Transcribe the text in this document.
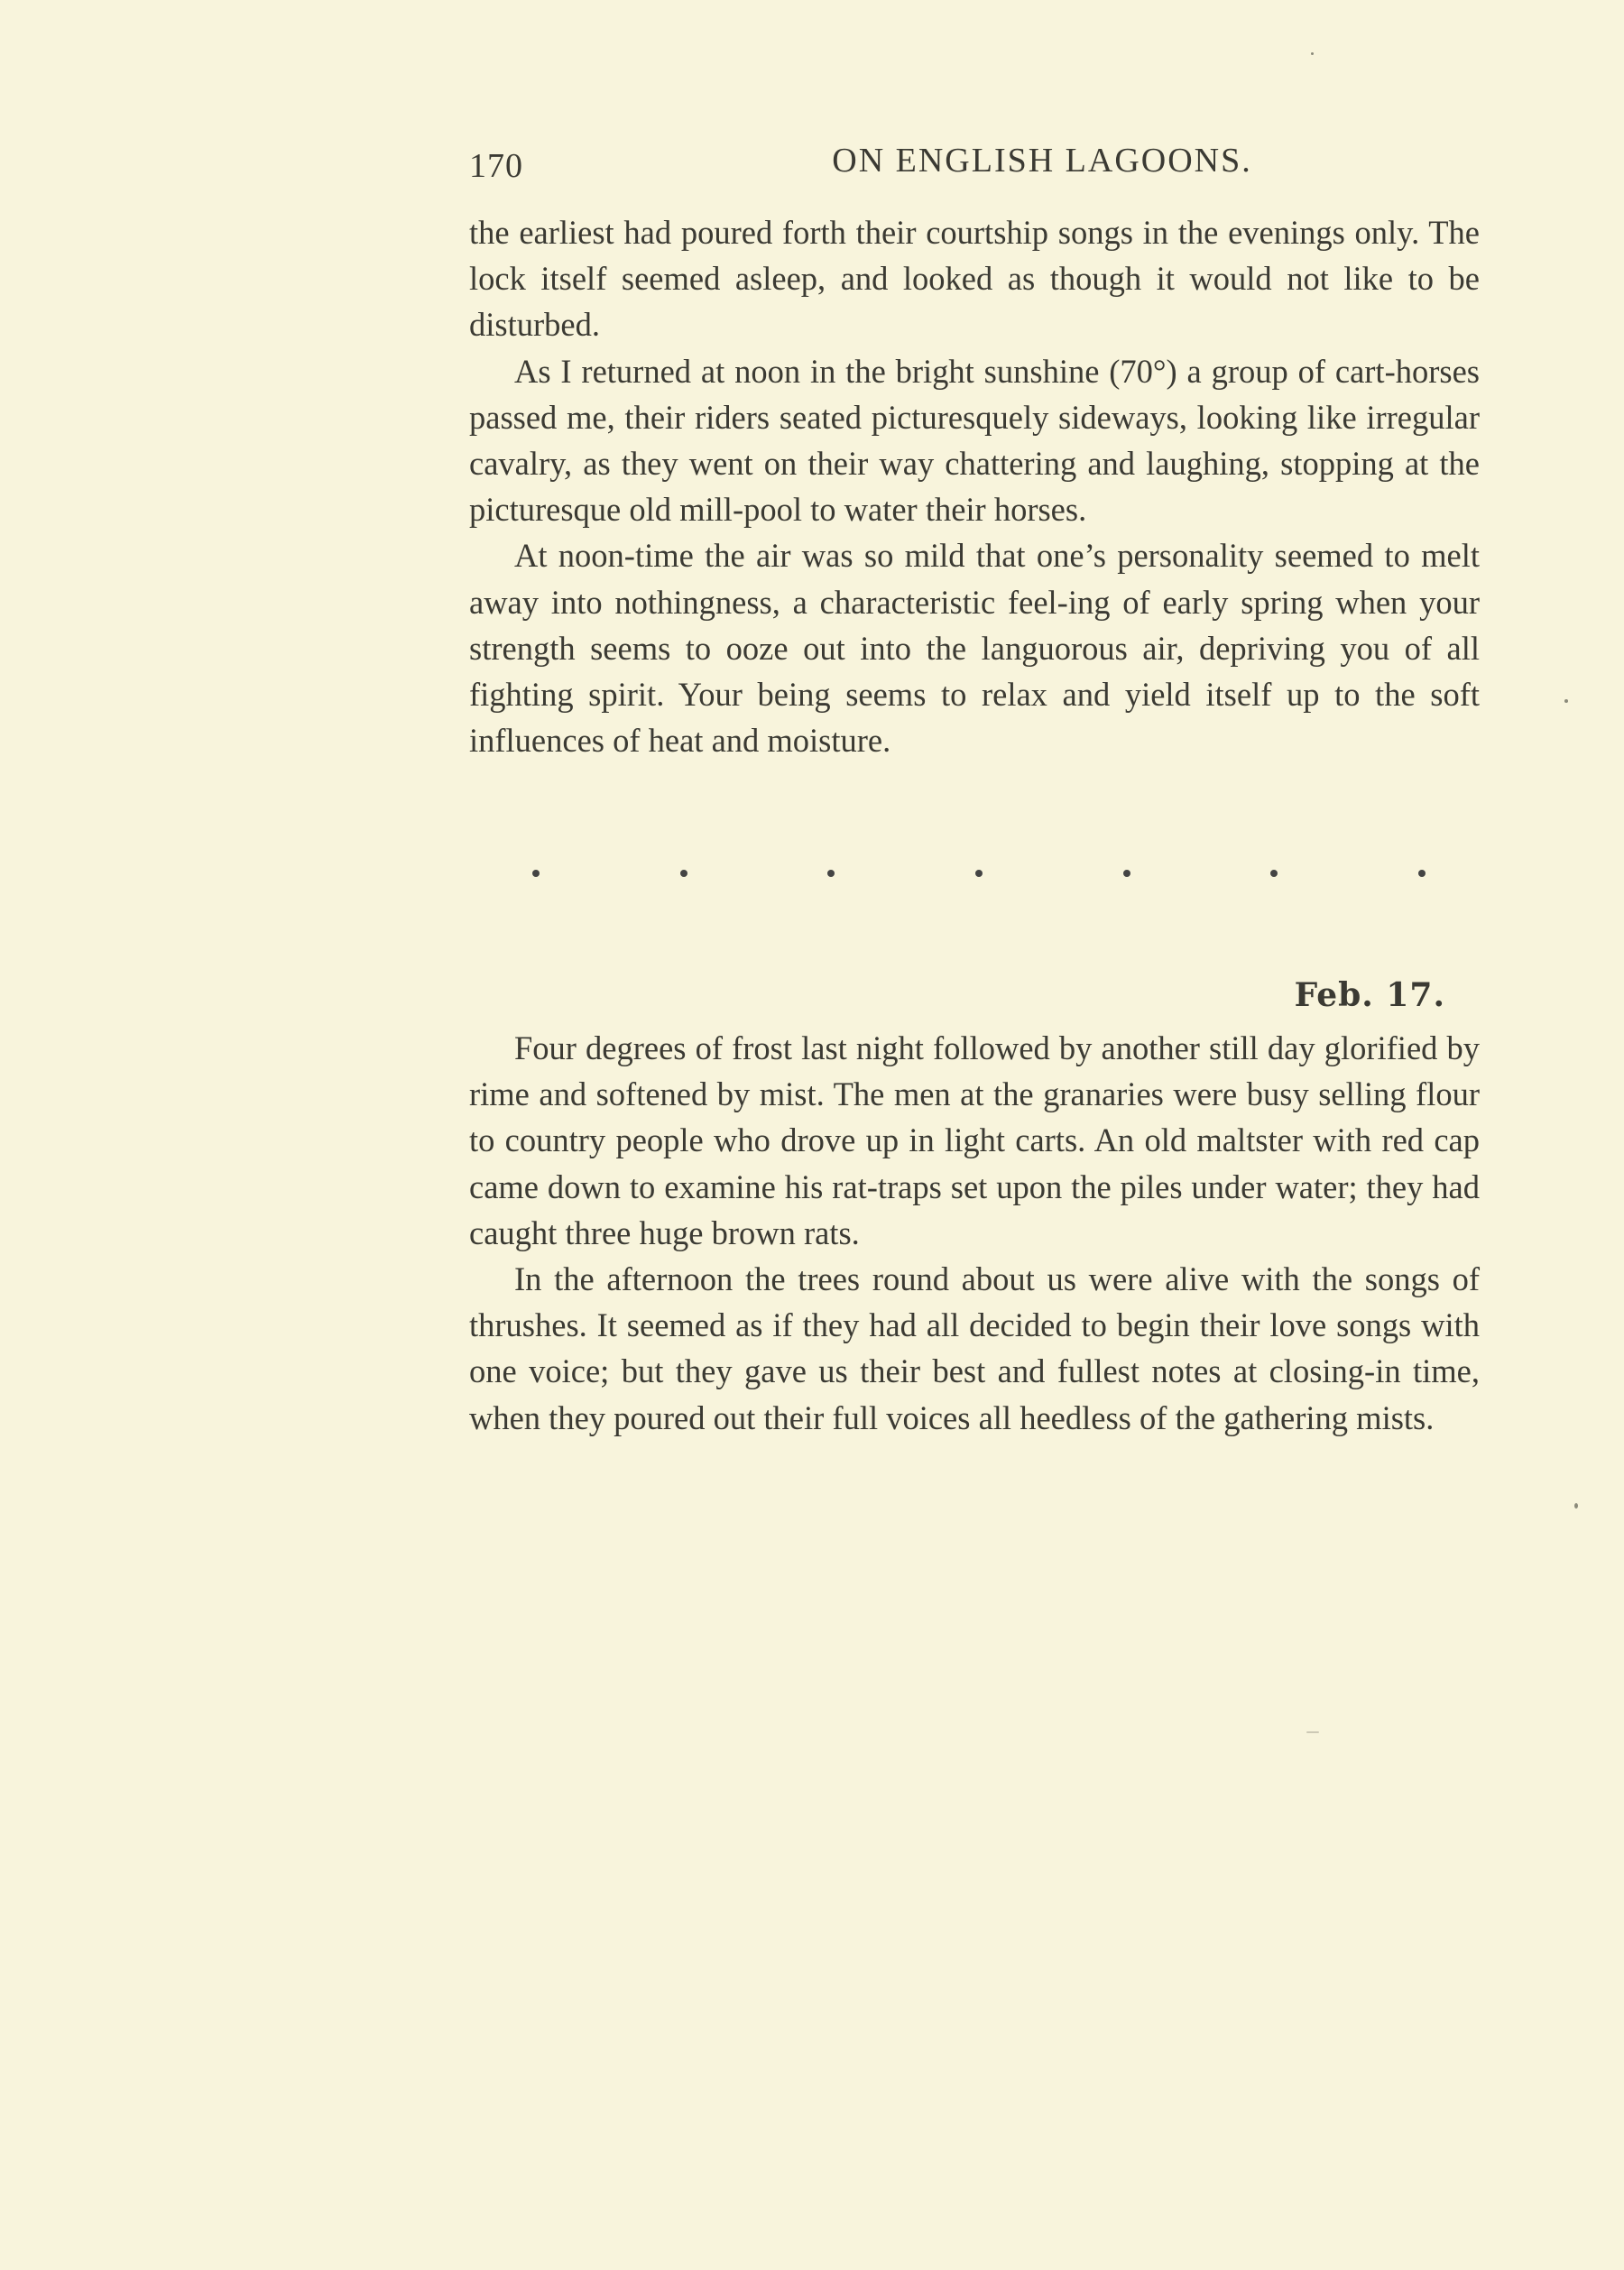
170	ON ENGLISH LAGOONS.

the earliest had poured forth their courtship songs in the evenings only. The lock itself seemed asleep, and looked as though it would not like to be disturbed.

As I returned at noon in the bright sunshine (70°) a group of cart-horses passed me, their riders seated picturesquely sideways, looking like irregular cavalry, as they went on their way chattering and laughing, stopping at the picturesque old mill-pool to water their horses.

At noon-time the air was so mild that one’s personality seemed to melt away into nothingness, a characteristic feel-ing of early spring when your strength seems to ooze out into the languorous air, depriving you of all fighting spirit. Your being seems to relax and yield itself up to the soft influences of heat and moisture.

Feb. 17.

Four degrees of frost last night followed by another still day glorified by rime and softened by mist. The men at the granaries were busy selling flour to country people who drove up in light carts. An old maltster with red cap came down to examine his rat-traps set upon the piles under water; they had caught three huge brown rats.

In the afternoon the trees round about us were alive with the songs of thrushes. It seemed as if they had all decided to begin their love songs with one voice; but they gave us their best and fullest notes at closing-in time, when they poured out their full voices all heedless of the gathering mists.
